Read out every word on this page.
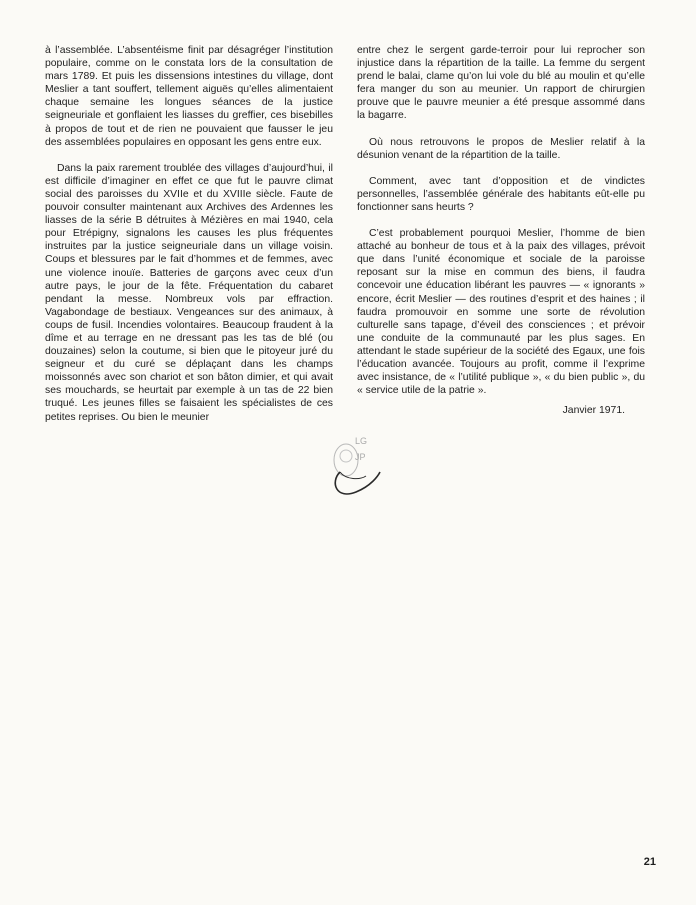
à l’assemblée. L’absentéisme finit par désagréger l’institution populaire, comme on le constata lors de la consultation de mars 1789. Et puis les dissensions intestines du village, dont Meslier a tant souffert, tellement aiguës qu’elles alimentaient chaque semaine les longues séances de la justice seigneuriale et gonflaient les liasses du greffier, ces bisebilles à propos de tout et de rien ne pouvaient que fausser le jeu des assemblées populaires en opposant les gens entre eux.

Dans la paix rarement troublée des villages d’aujourd’hui, il est difficile d’imaginer en effet ce que fut le pauvre climat social des paroisses du XVIIe et du XVIIIe siècle. Faute de pouvoir consulter maintenant aux Archives des Ardennes les liasses de la série B détruites à Mézières en mai 1940, cela pour Etrépigny, signalons les causes les plus fréquentes instruites par la justice seigneuriale dans un village voisin. Coups et blessures par le fait d’hommes et de femmes, avec une violence inouïe. Batteries de garçons avec ceux d’un autre pays, le jour de la fête. Fréquentation du cabaret pendant la messe. Nombreux vols par effraction. Vagabondage de bestiaux. Vengeances sur des animaux, à coups de fusil. Incendies volontaires. Beaucoup fraudent à la dîme et au terrage en ne dressant pas les tas de blé (ou douzaines) selon la coutume, si bien que le pitoyeur juré du seigneur et du curé se déplaçant dans les champs moissonnés avec son chariot et son bâton dimier, et qui avait ses mouchards, se heurtait par exemple à un tas de 22 bien truqué. Les jeunes filles se faisaient les spécialistes de ces petites reprises. Ou bien le meunier

entre chez le sergent garde-terroir pour lui reprocher son injustice dans la répartition de la taille. La femme du sergent prend le balai, clame qu’on lui vole du blé au moulin et qu’elle fera manger du son au meunier. Un rapport de chirurgien prouve que le pauvre meunier a été presque assommé dans la bagarre.

Où nous retrouvons le propos de Meslier relatif à la désunion venant de la répartition de la taille.

Comment, avec tant d’opposition et de vindictes personnelles, l’assemblée générale des habitants eût-elle pu fonctionner sans heurts ?

C’est probablement pourquoi Meslier, l’homme de bien attaché au bonheur de tous et à la paix des villages, prévoit que dans l’unité économique et sociale de la paroisse reposant sur la mise en commun des biens, il faudra concevoir une éducation libérant les pauvres — « ignorants » encore, écrit Meslier — des routines d’esprit et des haines ; il faudra promouvoir en somme une sorte de révolution culturelle sans tapage, d’éveil des consciences ; et prévoir une conduite de la communauté par les plus sages. En attendant le stade supérieur de la société des Egaux, une fois l’éducation avancée. Toujours au profit, comme il l’exprime avec insistance, de « l’utilité publique », « du bien public », du « service utile de la patrie ».

Janvier 1971.
LG
JP
21
